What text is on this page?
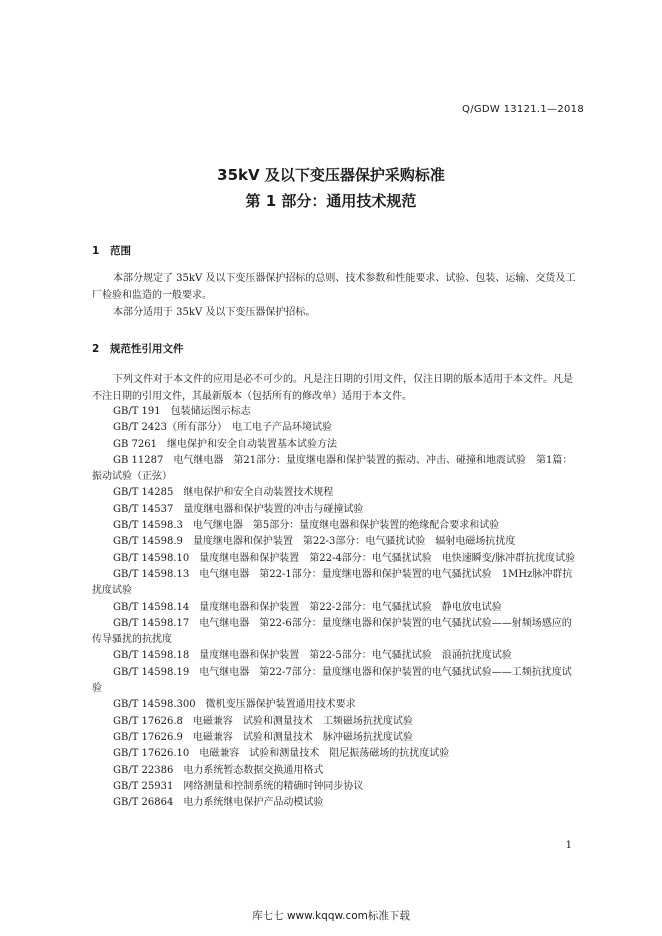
Q/GDW 13121.1—2018
35kV 及以下变压器保护采购标准
第 1 部分：通用技术规范
1 范围

本部分规定了 35kV 及以下变压器保护招标的总则、技术参数和性能要求、试验、包装、运输、交货及工厂检验和监造的一般要求。

本部分适用于 35kV 及以下变压器保护招标。

2 规范性引用文件

下列文件对于本文件的应用是必不可少的。凡是注日期的引用文件，仅注日期的版本适用于本文件。凡是不注日期的引用文件，其最新版本（包括所有的修改单）适用于本文件。

GB/T 191　包装储运图示标志
GB/T 2423（所有部分）　电工电子产品环境试验
GB 7261　继电保护和安全自动装置基本试验方法
GB 11287　电气继电器　第21部分：量度继电器和保护装置的振动、冲击、碰撞和地震试验　第1篇：振动试验（正弦）
GB/T 14285　继电保护和安全自动装置技术规程
GB/T 14537　量度继电器和保护装置的冲击与碰撞试验
GB/T 14598.3　电气继电器　第5部分：量度继电器和保护装置的绝缘配合要求和试验
GB/T 14598.9　量度继电器和保护装置　第22-3部分：电气骚扰试验　辐射电磁场抗扰度
GB/T 14598.10　量度继电器和保护装置　第22-4部分：电气骚扰试验　电快速瞬变/脉冲群抗扰度试验
GB/T 14598.13　电气继电器　第22-1部分：量度继电器和保护装置的电气骚扰试验　1MHz脉冲群抗扰度试验
GB/T 14598.14　量度继电器和保护装置　第22-2部分：电气骚扰试验　静电放电试验
GB/T 14598.17　电气继电器　第22-6部分：量度继电器和保护装置的电气骚扰试验——射频场感应的传导骚扰的抗扰度
GB/T 14598.18　量度继电器和保护装置　第22-5部分：电气骚扰试验　浪涌抗扰度试验
GB/T 14598.19　电气继电器　第22-7部分：量度继电器和保护装置的电气骚扰试验——工频抗扰度试验
GB/T 14598.300　微机变压器保护装置通用技术要求
GB/T 17626.8　电磁兼容　试验和测量技术　工频磁场抗扰度试验
GB/T 17626.9　电磁兼容　试验和测量技术　脉冲磁场抗扰度试验
GB/T 17626.10　电磁兼容　试验和测量技术　阻尼振荡磁场的抗扰度试验
GB/T 22386　电力系统暂态数据交换通用格式
GB/T 25931　网络测量和控制系统的精确时钟同步协议
GB/T 26864　电力系统继电保护产品动模试验
1
库七七 www.kqqw.com标准下载
